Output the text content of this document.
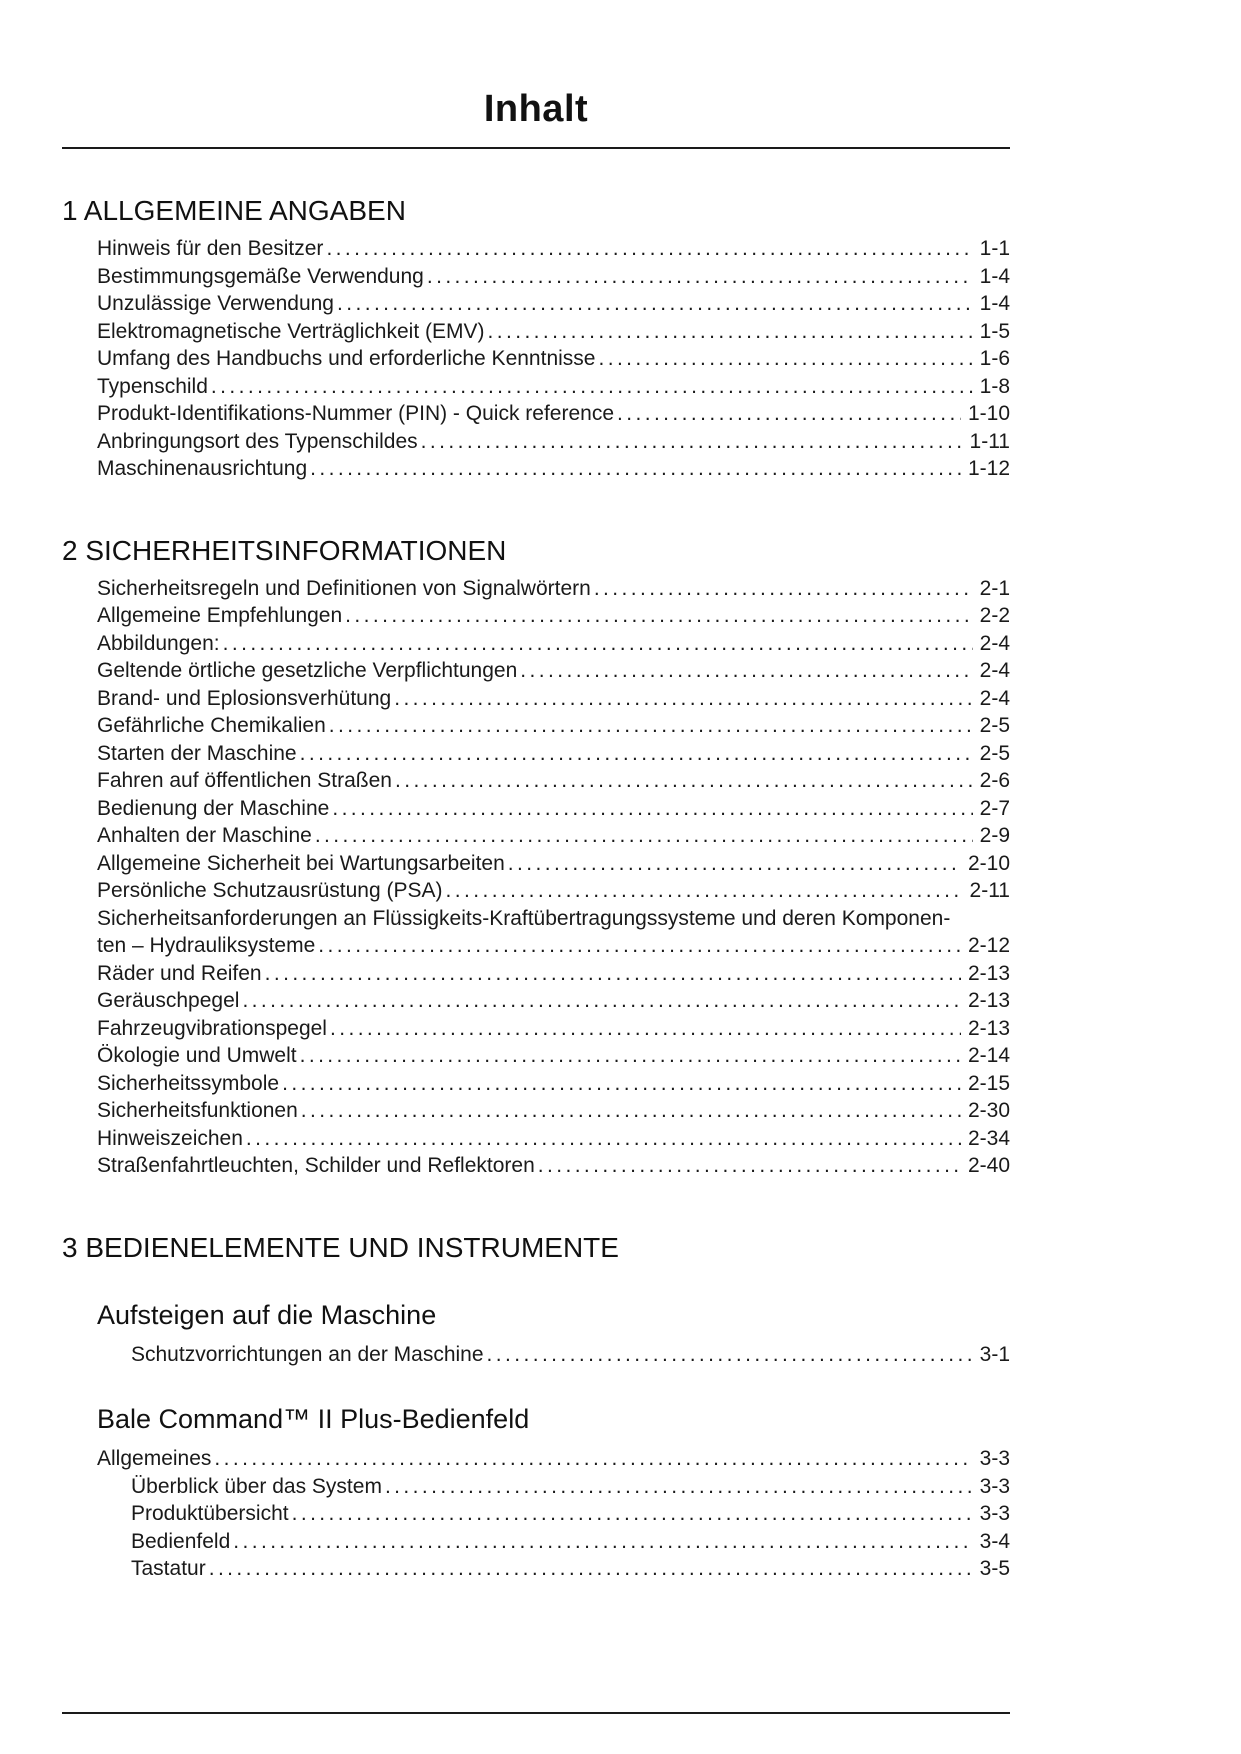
Inhalt
1 ALLGEMEINE ANGABEN
Hinweis für den Besitzer .....	1-1
Bestimmungsgemäße Verwendung .....	1-4
Unzulässige Verwendung .....	1-4
Elektromagnetische Verträglichkeit (EMV) .....	1-5
Umfang des Handbuchs und erforderliche Kenntnisse .....	1-6
Typenschild .....	1-8
Produkt-Identifikations-Nummer (PIN) - Quick reference .....	1-10
Anbringungsort des Typenschildes .....	1-11
Maschinenausrichtung .....	1-12
2 SICHERHEITSINFORMATIONEN
Sicherheitsregeln und Definitionen von Signalwörtern .....	2-1
Allgemeine Empfehlungen .....	2-2
Abbildungen: .....	2-4
Geltende örtliche gesetzliche Verpflichtungen .....	2-4
Brand- und Eplosionsverhütung .....	2-4
Gefährliche Chemikalien .....	2-5
Starten der Maschine .....	2-5
Fahren auf öffentlichen Straßen .....	2-6
Bedienung der Maschine .....	2-7
Anhalten der Maschine .....	2-9
Allgemeine Sicherheit bei Wartungsarbeiten .....	2-10
Persönliche Schutzausrüstung (PSA) .....	2-11
Sicherheitsanforderungen an Flüssigkeits-Kraftübertragungssysteme und deren Komponen-
ten – Hydrauliksysteme .....	2-12
Räder und Reifen .....	2-13
Geräuschpegel .....	2-13
Fahrzeugvibrationspegel .....	2-13
Ökologie und Umwelt .....	2-14
Sicherheitssymbole .....	2-15
Sicherheitsfunktionen .....	2-30
Hinweiszeichen .....	2-34
Straßenfahrtleuchten, Schilder und Reflektoren .....	2-40
3 BEDIENELEMENTE UND INSTRUMENTE
Aufsteigen auf die Maschine
Schutzvorrichtungen an der Maschine .....	3-1
Bale Command™ II Plus-Bedienfeld
Allgemeines .....	3-3
Überblick über das System .....	3-3
Produktübersicht .....	3-3
Bedienfeld .....	3-4
Tastatur .....	3-5
